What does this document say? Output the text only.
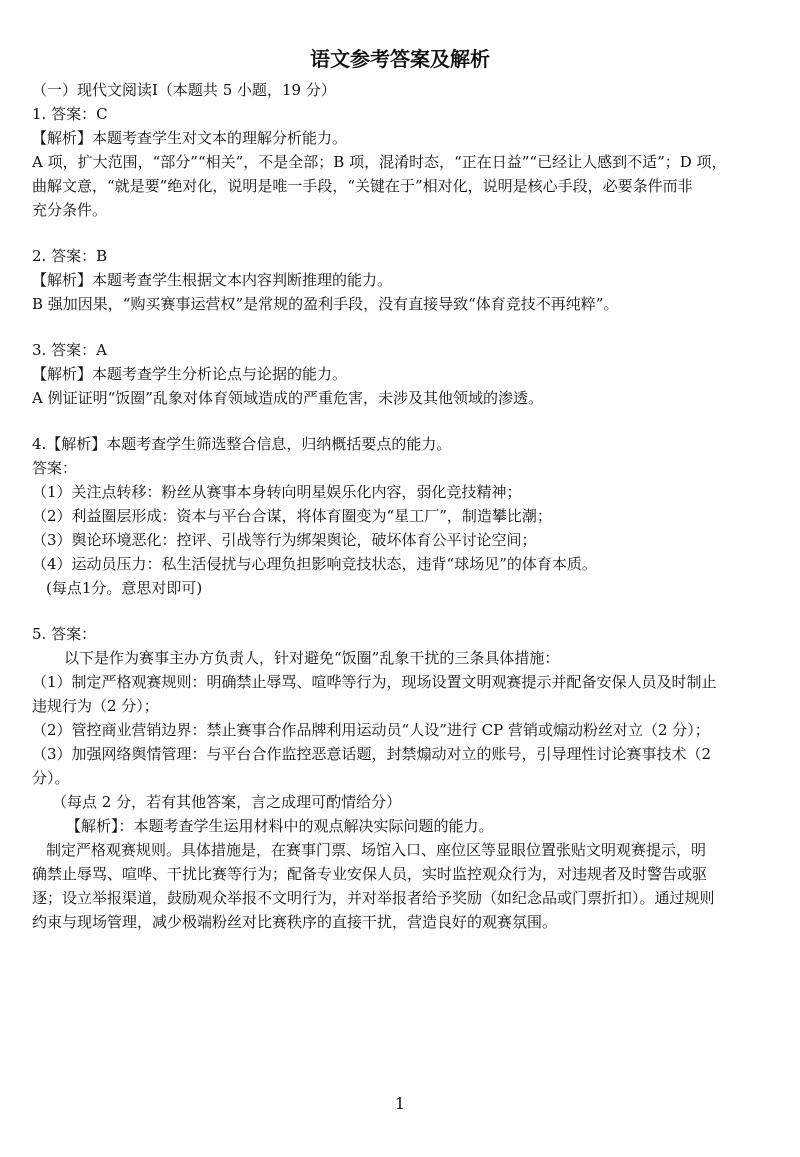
语文参考答案及解析

（一）现代文阅读Ⅰ（本题共 5 小题，19 分）

1. 答案：C

【解析】本题考查学生对文本的理解分析能力。

A 项，扩大范围，“部分”“相关”，不是全部；B 项，混淆时态，“正在日益”“已经让人感到不适”；D 项，

曲解文意，“就是要”绝对化，说明是唯一手段，“关键在于”相对化，说明是核心手段，必要条件而非

充分条件。

2. 答案：B

【解析】本题考查学生根据文本内容判断推理的能力。

B 强加因果，“购买赛事运营权”是常规的盈利手段，没有直接导致“体育竞技不再纯粹”。

3. 答案：A

【解析】本题考查学生分析论点与论据的能力。

A 例证证明“饭圈”乱象对体育领域造成的严重危害，未涉及其他领域的渗透。

4.【解析】本题考查学生筛选整合信息，归纳概括要点的能力。

答案：

（1）关注点转移：粉丝从赛事本身转向明星娱乐化内容，弱化竞技精神；

（2）利益圈层形成：资本与平台合谋，将体育圈变为“星工厂”，制造攀比潮；

（3）舆论环境恶化：控评、引战等行为绑架舆论，破坏体育公平讨论空间；

（4）运动员压力：私生活侵扰与心理负担影响竞技状态，违背“球场见”的体育本质。

(每点1分。意思对即可)

5. 答案：

以下是作为赛事主办方负责人，针对避免“饭圈”乱象干扰的三条具体措施：

（1）制定严格观赛规则：明确禁止辱骂、喧哗等行为，现场设置文明观赛提示并配备安保人员及时制止

违规行为（2 分）；

（2）管控商业营销边界：禁止赛事合作品牌利用运动员“人设”进行 CP 营销或煽动粉丝对立（2 分）；

（3）加强网络舆情管理：与平台合作监控恶意话题，封禁煽动对立的账号，引导理性讨论赛事技术（2

分）。

（每点 2 分，若有其他答案，言之成理可酌情给分）

【解析】：本题考查学生运用材料中的观点解决实际问题的能力。

制定严格观赛规则。具体措施是，在赛事门票、场馆入口、座位区等显眼位置张贴文明观赛提示，明

确禁止辱骂、喧哗、干扰比赛等行为；配备专业安保人员，实时监控观众行为，对违规者及时警告或驱

逐；设立举报渠道，鼓励观众举报不文明行为，并对举报者给予奖励（如纪念品或门票折扣）。通过规则

约束与现场管理，减少极端粉丝对比赛秩序的直接干扰，营造良好的观赛氛围。

1
